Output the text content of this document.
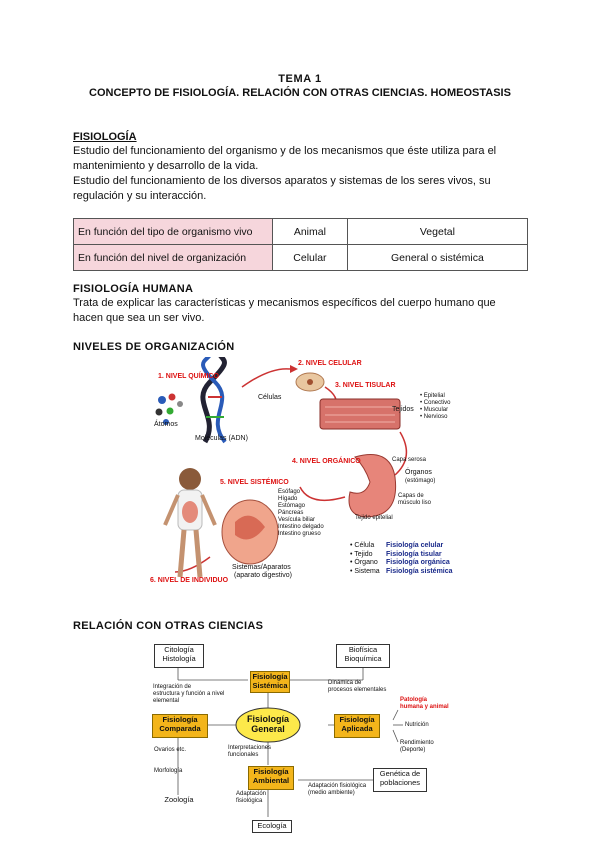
TEMA 1
CONCEPTO DE FISIOLOGÍA. RELACIÓN CON OTRAS CIENCIAS. HOMEOSTASIS
FISIOLOGÍA
Estudio del funcionamiento del organismo y de los mecanismos que éste utiliza para el
mantenimiento y desarrollo de la vida.
Estudio del funcionamiento de los diversos aparatos y sistemas de los seres vivos, su
regulación y su interacción.
En función del tipo de organismo vivo	Animal	Vegetal
En función del nivel de organización	Celular	General o sistémica
FISIOLOGÍA HUMANA
Trata de explicar las características y mecanismos específicos del cuerpo humano que
hacen que sea un ser vivo.
NIVELES DE ORGANIZACIÓN
1. NIVEL QUÍMICO
2. NIVEL CELULAR
3. NIVEL TISULAR
4. NIVEL ORGÁNICO
5. NIVEL SISTÉMICO
6. NIVEL DE INDIVIDUO
Átomos
Moléculas (ADN)
Células
Tejidos
• Epitelial
• Conectivo
• Muscular
• Nervioso
Capa serosa
Órganos
(estómago)
Capas de músculo liso
Tejido epitelial
Esófago
Hígado
Estómago
Páncreas
Vesícula biliar
Intestino delgado
Intestino grueso
Sistemas/Aparatos
(aparato digestivo)
• Célula Fisiología celular
• Tejido Fisiología tisular
• Órgano Fisiología orgánica
• Sistema Fisiología sistémica
RELACIÓN CON OTRAS CIENCIAS
Citología
Histología
Biofísica
Bioquímica
Fisiología
Sistémica
Integración de
estructura y función a nivel elemental
Dinámica de
procesos elementales
Fisiología
Comparada
Fisiología
General
Fisiología
Aplicada
Patología
humana y animal
Nutrición
Rendimiento
(Deporte)
Ovarios etc.
Morfología
Interpretaciones
funcionales
Fisiología
Ambiental
Genética de
poblaciones
Adaptación fisiológica
(medio ambiente)
Adaptación
fisiológica
Zoología
Ecología
